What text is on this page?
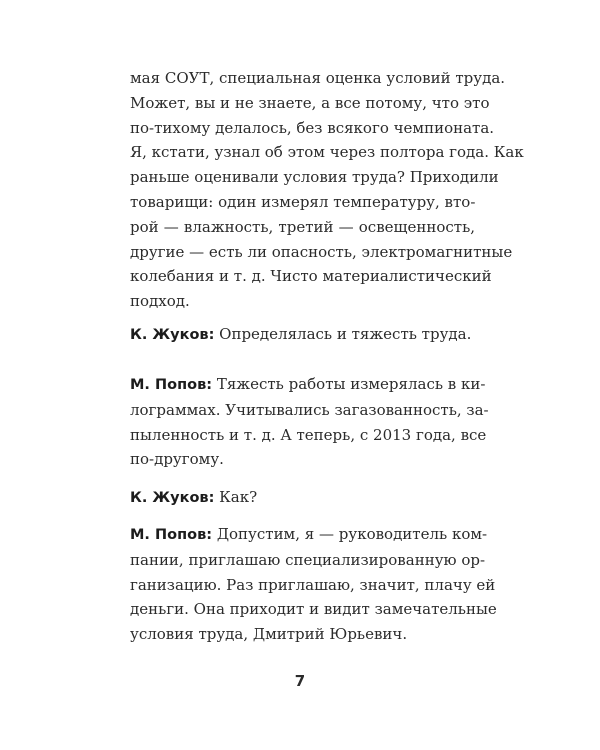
мая СОУТ, специальная оценка условий труда.
Может, вы и не знаете, а все потому, что это
по-тихому делалось, без всякого чемпионата.
Я, кстати, узнал об этом через полтора года. Как
раньше оценивали условия труда? Приходили
товарищи: один измерял температуру, вто-
рой — влажность, третий — освещенность,
другие — есть ли опасность, электромагнитные
колебания и т. д. Чисто материалистический
подход.
К. Жуков: Определялась и тяжесть труда.
М. Попов: Тяжесть работы измерялась в ки-
лограммах. Учитывались загазованность, за-
пыленность и т. д. А теперь, с 2013 года, все
по-другому.
К. Жуков: Как?
М. Попов: Допустим, я — руководитель ком-
пании, приглашаю специализированную ор-
ганизацию. Раз приглашаю, значит, плачу ей
деньги. Она приходит и видит замечательные
условия труда, Дмитрий Юрьевич.
7
